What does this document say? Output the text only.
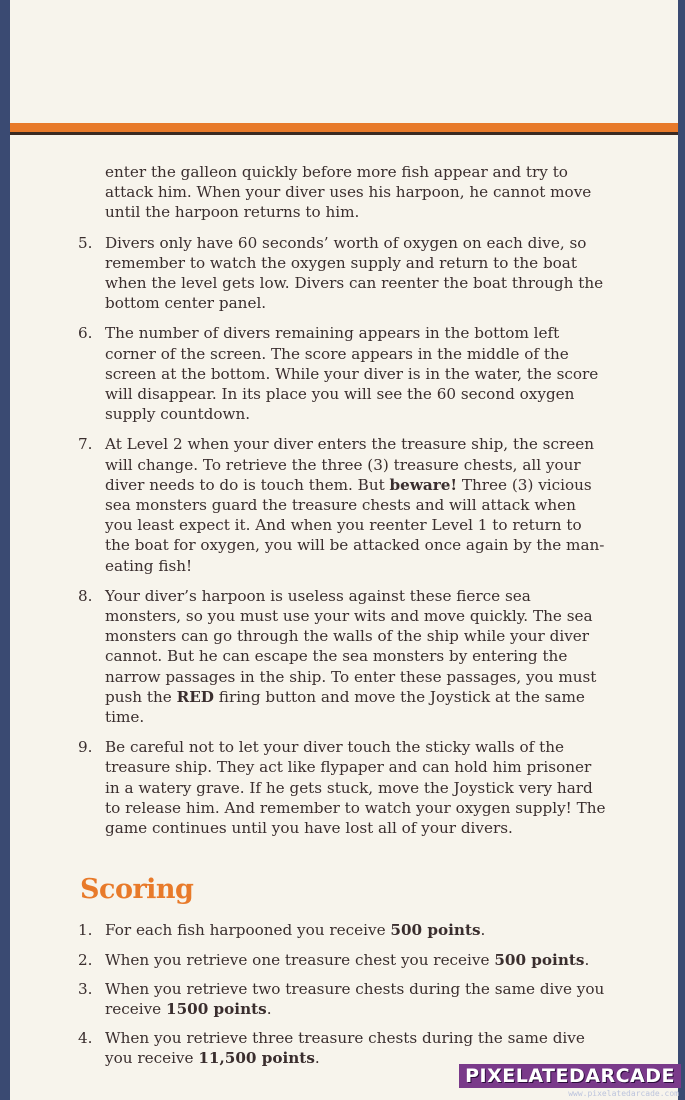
enter the galleon quickly before more fish appear and try to attack him. When your diver uses his harpoon, he cannot move until the harpoon returns to him.

5. Divers only have 60 seconds’ worth of oxygen on each dive, so remember to watch the oxygen supply and return to the boat when the level gets low. Divers can reenter the boat through the bottom center panel.
6. The number of divers remaining appears in the bottom left corner of the screen. The score appears in the middle of the screen at the bottom. While your diver is in the water, the score will disappear. In its place you will see the 60 second oxygen supply countdown.
7. At Level 2 when your diver enters the treasure ship, the screen will change. To retrieve the three (3) treasure chests, all your diver needs to do is touch them. But beware! Three (3) vicious sea monsters guard the treasure chests and will attack when you least expect it. And when you reenter Level 1 to return to the boat for oxygen, you will be attacked once again by the man-eating fish!
8. Your diver’s harpoon is useless against these fierce sea monsters, so you must use your wits and move quickly. The sea monsters can go through the walls of the ship while your diver cannot. But he can escape the sea monsters by entering the narrow passages in the ship. To enter these passages, you must push the RED firing button and move the Joystick at the same time.
9. Be careful not to let your diver touch the sticky walls of the treasure ship. They act like flypaper and can hold him prisoner in a watery grave. If he gets stuck, move the Joystick very hard to release him. And remember to watch your oxygen supply! The game continues until you have lost all of your divers.
Scoring
1. For each fish harpooned you receive 500 points.
2. When you retrieve one treasure chest you receive 500 points.
3. When you retrieve two treasure chests during the same dive you receive 1500 points.
4. When you retrieve three treasure chests during the same dive you receive 11,500 points.
PIXELATEDARCADE
www.pixelatedarcade.com
